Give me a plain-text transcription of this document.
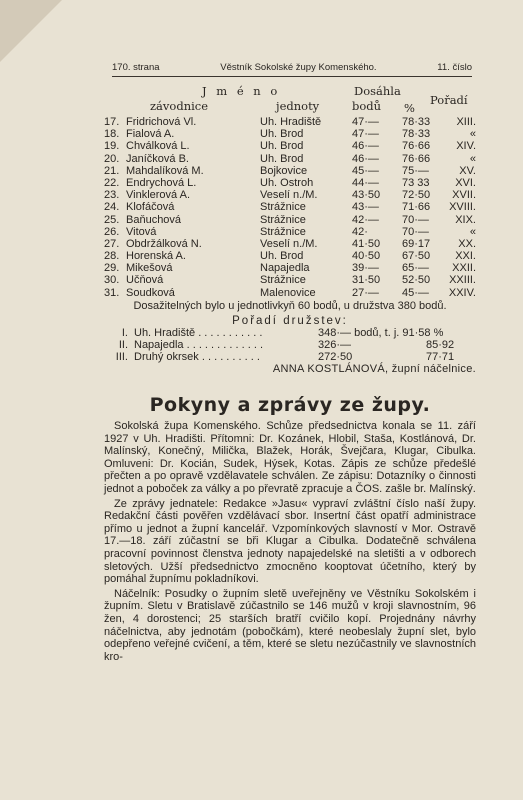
170. strana	Věstník Sokolské župy Komenského.	11. číslo
J m é n o
závodnice	jednoty
Dosáhla
bodů %
Pořadí
17. Fridrichová Vl.	Uh. Hradiště	47·— 78·33 XIII.
18. Fialová A.	Uh. Brod	47·— 78·33	«
19. Chválková L.	Uh. Brod	46·— 76·66 XIV.
20. Janíčková B.	Uh. Brod	46·— 76·66	«
21. Mahdalíková M.	Bojkovice	45·— 75·—	XV.
22. Endrychová L.	Uh. Ostroh	44·— 73 33 XVI.
23. Vinklerová A.	Veselí n./M.	43·50 72·50 XVII.
24. Klofáčová	Strážnice	43·— 71·66 XVIII.
25. Baňuchová	Strážnice	42·— 70·— XIX.
26. Vitová	Strážnice	42·	70·—	«
27. Obdržálková N.	Veselí n./M.	41·50 69·17	XX.
28. Horenská A.	Uh. Brod	40·50 67·50 XXI.
29. Mikešová	Napajedla	39·— 65·— XXII.
30. Učňová	Strážnice	31·50 52·50 XXIII.
31. Soudková	Malenovice	27·— 45·— XXIV.
Dosažitelných bylo u jednotlivkyň 60 bodů, u družstva 380 bodů.
Pořadí družstev:
I. Uh. Hradiště . . . . . . . . . . .	348·— bodů, t. j. 91·58 %
II. Napajedla . . . . . . . . . . . . .	326·—	85·92
III. Druhý okrsek . . . . . . . . . .	272·50	77·71
ANNA KOSTLÁNOVÁ, župní náčelnice.
Pokyny a zprávy ze župy.

Sokolská župa Komenského. Schůze předsednictva konala se 11. září 1927 v Uh. Hradišti. Přítomni: Dr. Kozánek, Hlobil, Staša, Kostlánová, Dr. Malínský, Konečný, Milička, Blažek, Horák, Švejčara, Klugar, Cibulka. Omluveni: Dr. Kocián, Sudek, Hýsek, Kotas. Zápis ze schůze předešlé přečten a po opravě vzdělavatele schválen. Ze zápisu: Dotazníky o činnosti jednot a poboček za války a po převratě zpracuje a ČOS. zašle br. Malínský.

Ze zprávy jednatele: Redakce »Jasu« vypraví zvláštní číslo naší župy. Redakční části pověřen vzdělávací sbor. Insertní část opatří administrace přímo u jednot a župní kancelář. Vzpomínkových slavností v Mor. Ostravě 17.—18. září zúčastní se bři Klugar a Cibulka. Dodatečně schválena pracovní povinnost členstva jednoty napajedelské na sletišti a v odborech sletových. Užší předsednictvo zmocněno kooptovat účetního, který by pomáhal župnímu pokladníkovi.

Náčelník: Posudky o župním sletě uveřejněny ve Věstníku Sokolském i župním. Sletu v Bratislavě zúčastnilo se 146 mužů v kroji slavnostním, 96 žen, 4 dorostenci; 25 starších bratří cvičilo kopí. Projednány návrhy náčelnictva, aby jednotám (pobočkám), které neobeslaly župní slet, bylo odepřeno veřejné cvičení, a těm, které se sletu nezúčastnily ve slavnostních kro-
